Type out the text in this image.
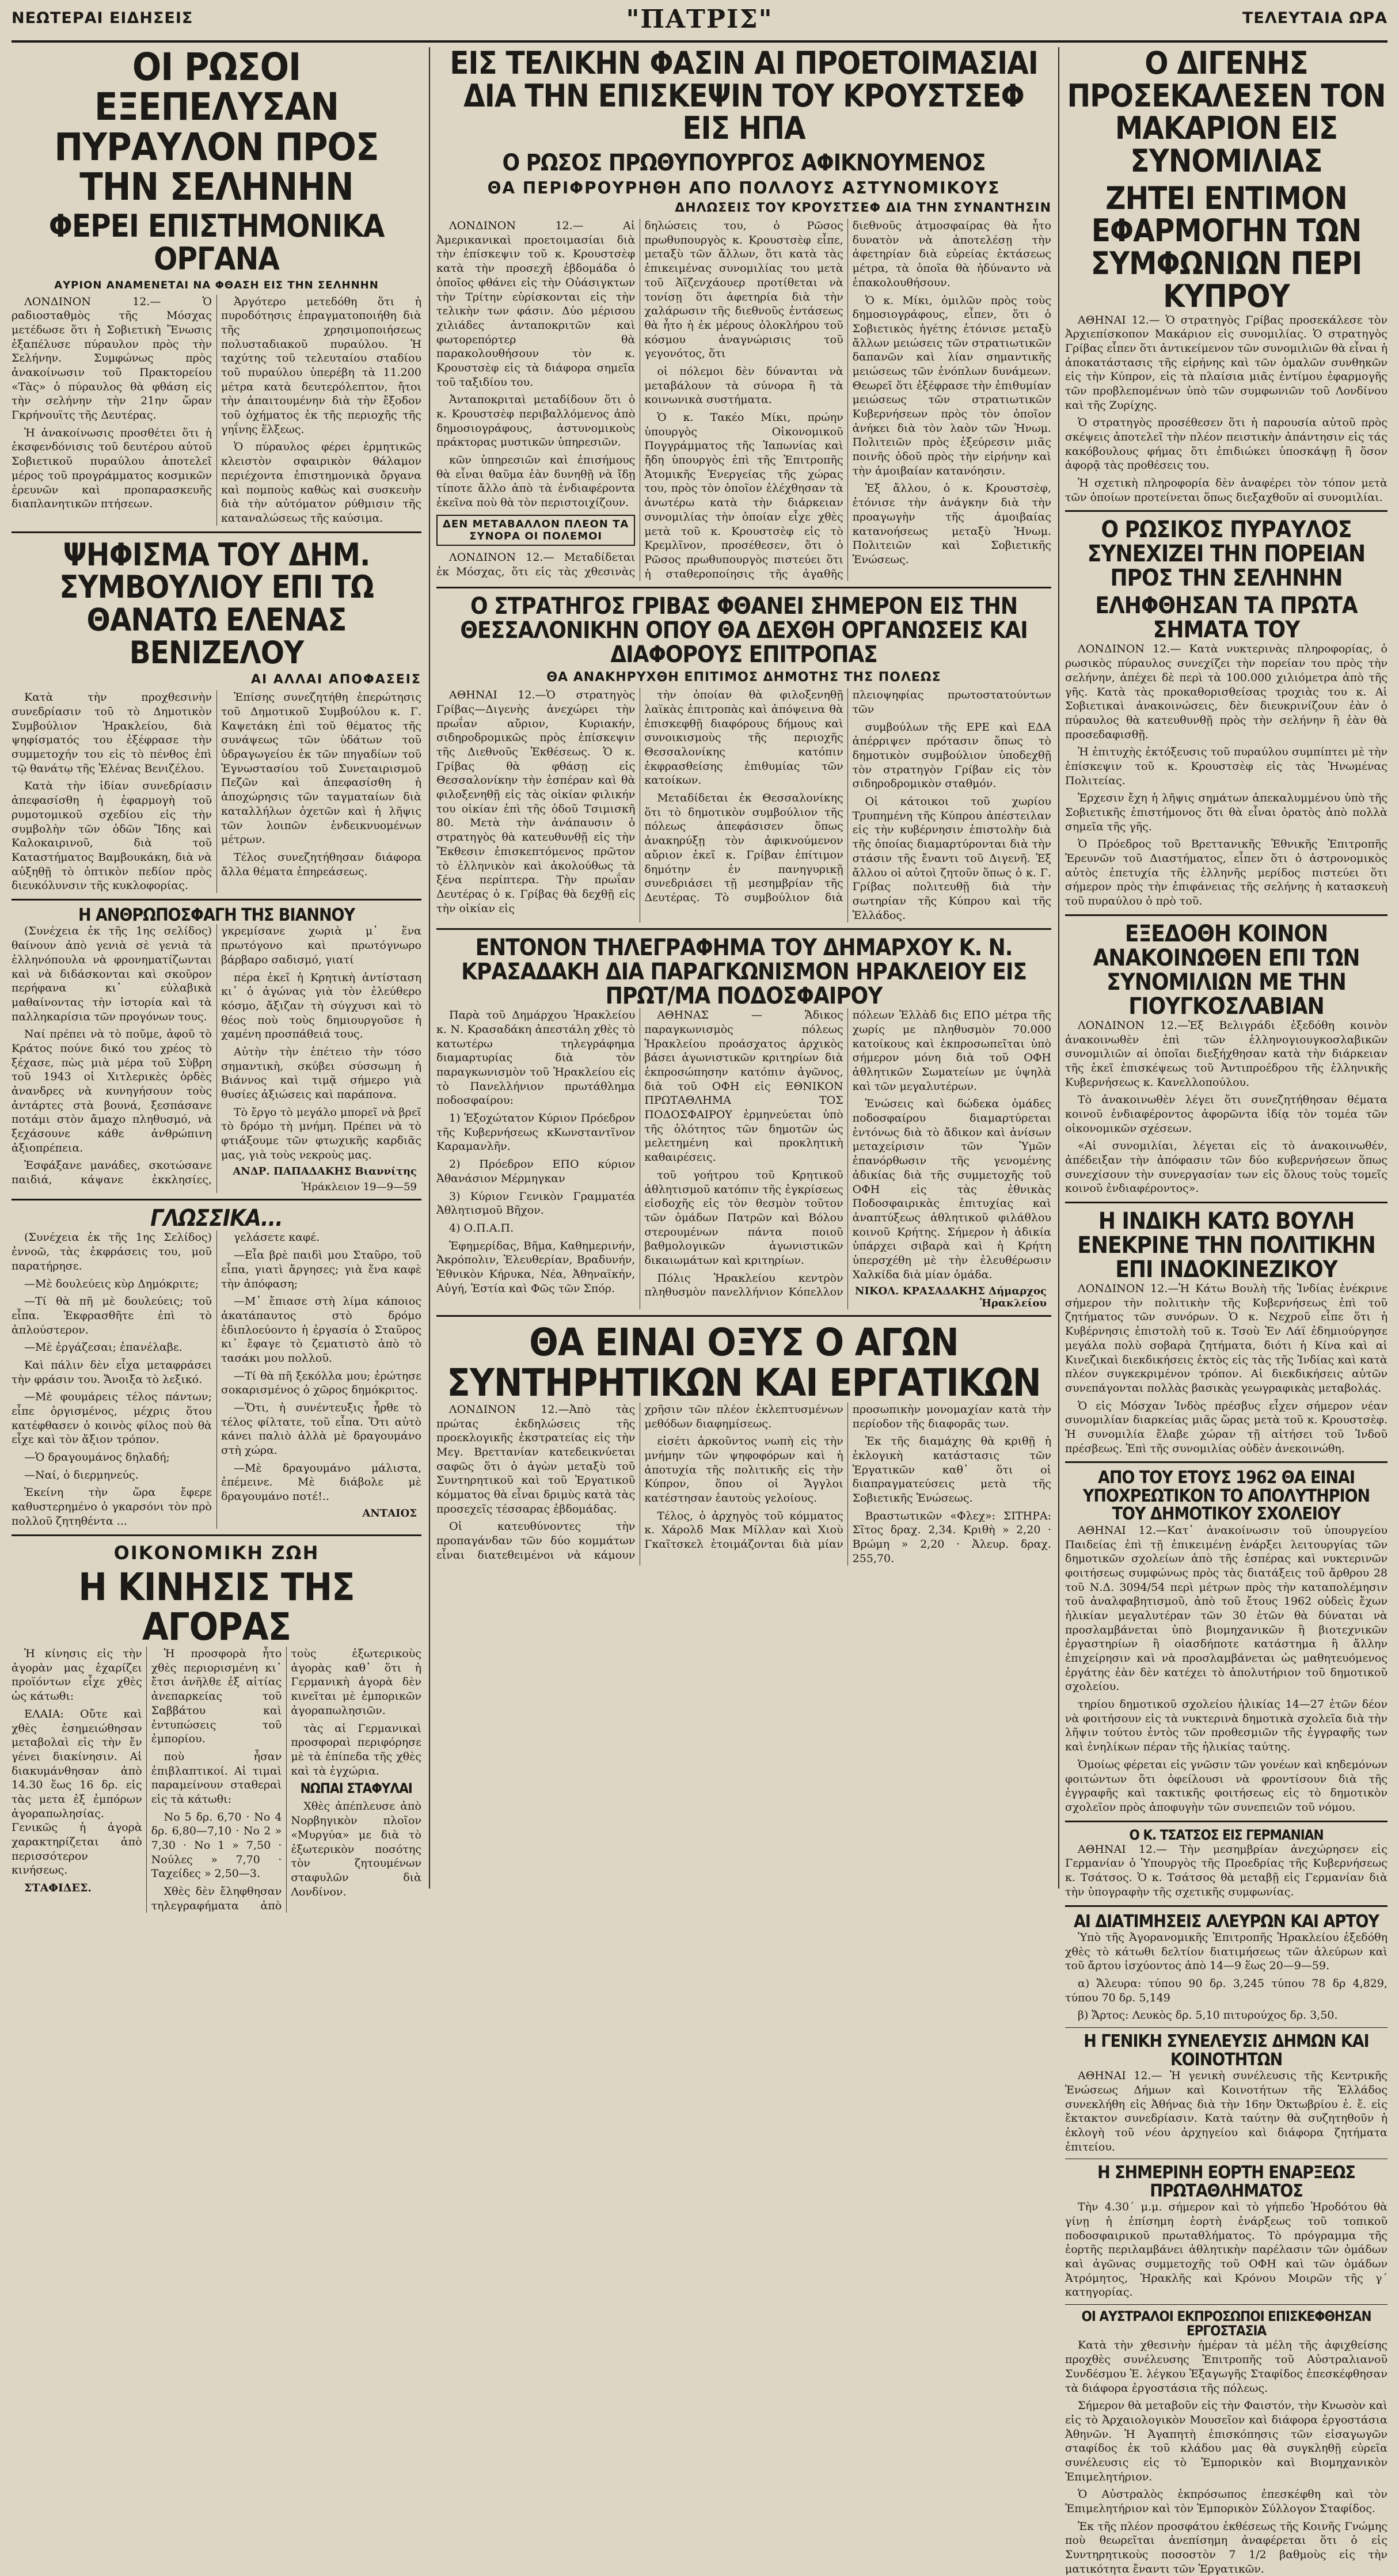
ΝΕΩΤΕΡΑΙ ΕΙΔΗΣΕΙΣ	"ΠΑΤΡΙΣ"	ΤΕΛΕΥΤΑΙΑ ΩΡΑ
ΟΙ ΡΩΣΟΙ ΕΞΕΠΕΛΥΣΑΝ ΠΥΡΑΥΛΟΝ ΠΡΟΣ ΤΗΝ ΣΕΛΗΝΗΝ
ΦΕΡΕΙ ΕΠΙΣΤΗΜΟΝΙΚΑ ΟΡΓΑΝΑ
ΑΥΡΙΟΝ ΑΝΑΜΕΝΕΤΑΙ ΝΑ ΦΘΑΣΗ ΕΙΣ ΤΗΝ ΣΕΛΗΝΗΝ

ΛΟΝΔΙΝΟΝ 12.— Ὁ ραδιοσταθμὸς τῆς Μόσχας μετέδωσε ὅτι ἡ Σοβιετικὴ Ἕνωσις ἐξαπέλυσε πύραυλον πρὸς τὴν Σελήνην. Συμφώνως πρὸς ἀνακοίνωσιν τοῦ Πρακτορείου «Τὰς» ὁ πύραυλος θὰ φθάση εἰς τὴν σελήνην τὴν 21ην ὥραν Γκρήνουϊτς τῆς Δευτέρας.

Ἡ ἀνακοίνωσις προσθέτει ὅτι ἡ ἐκσφενδόνισις τοῦ δευτέρου αὐτοῦ Σοβιετικοῦ πυραύλου ἀποτελεῖ μέρος τοῦ προγράμματος κοσμικῶν ἐρευνῶν καὶ προπαρασκευῆς διαπλανητικῶν πτήσεων.

Ἀργότερο μετεδόθη ὅτι ἡ πυροδότησις ἐπραγματοποιήθη διὰ τῆς χρησιμοποιήσεως πολυσταδιακοῦ πυραύλου. Ἡ ταχύτης τοῦ τελευταίου σταδίου τοῦ πυραύλου ὑπερέβη τὰ 11.200 μέτρα κατὰ δευτερόλεπτον, ἤτοι τὴν ἀπαιτουμένην διὰ τὴν ἔξοδον τοῦ ὀχήματος ἐκ τῆς περιοχῆς τῆς γηΐνης ἕλξεως.

Ὁ πύραυλος φέρει ἑρμητικῶς κλειστὸν σφαιρικὸν θάλαμον περιέχοντα ἐπιστημονικὰ ὄργανα καὶ πομποὺς καθὼς καὶ συσκευὴν διὰ τὴν αὐτόματον ρύθμισιν τῆς καταναλώσεως τῆς καύσιμα.

ΨΗΦΙΣΜΑ ΤΟΥ ΔΗΜ. ΣΥΜΒΟΥΛΙΟΥ ΕΠΙ ΤΩ ΘΑΝΑΤΩ ΕΛΕΝΑΣ ΒΕΝΙΖΕΛΟΥ
ΑΙ ΑΛΛΑΙ ΑΠΟΦΑΣΕΙΣ

Κατὰ τὴν προχθεσινὴν συνεδρίασιν τοῦ τὸ Δημοτικὸν Συμβούλιον Ἡρακλείου, διὰ ψηφίσματός του ἐξέφρασε τὴν συμμετοχήν του εἰς τὸ πένθος ἐπὶ τῷ θανάτῳ τῆς Ἐλένας Βενιζέλου.

Κατὰ τὴν ἰδίαν συνεδρίασιν ἀπεφασίσθη ἡ ἐφαρμογὴ τοῦ ρυμοτομικοῦ σχεδίου εἰς τὴν συμβολὴν τῶν ὁδῶν Ἴδης καὶ Καλοκαιρινοῦ, διὰ τοῦ Καταστήματος Βαμβουκάκη, διὰ νὰ αὐξηθῇ τὸ ὀπτικὸν πεδίον πρὸς διευκόλυνσιν τῆς κυκλοφορίας.

Ἐπίσης συνεζητήθη ἐπερώτησις τοῦ Δημοτικοῦ Συμβούλου κ. Γ. Καψετάκη ἐπὶ τοῦ θέματος τῆς συνάψεως τῶν ὑδάτων τοῦ ὑδραγωγείου ἐκ τῶν πηγαδίων τοῦ Ἐγνωστασίου τοῦ Συνεταιρισμοῦ Πεζῶν καὶ ἀπεφασίσθη ἡ ἀποχώρησις τῶν ταγματαίων διὰ καταλλήλων ὀχετῶν καὶ ἡ λῆψις τῶν λοιπῶν ἐνδεικνυομένων μέτρων.

Τέλος συνεζητήθησαν διάφορα ἄλλα θέματα ἐπηρεάσεως.

Η ΑΝΘΡΩΠΟΣΦΑΓΗ ΤΗΣ ΒΙΑΝΝΟΥ

(Συνέχεια ἐκ τῆς 1ης σελίδος) θαίνουν ἀπὸ γενιὰ σὲ γενιὰ τὰ ἑλληνόπουλα νὰ φρονηματίζωνται καὶ νὰ διδάσκονται καὶ σκοῦρον περήφανα κι᾿ εὐλαβικὰ μαθαίνοντας τὴν ἱστορία καὶ τὰ παλληκαρίσια τῶν προγόνων τους.

Ναί πρέπει νὰ τὸ ποῦμε, ἀφοῦ τὸ Κράτος πούνε δικό του χρέος τὸ ξέχασε, πὼς μιὰ μέρα τοῦ Σὺβρη τοῦ 1943 οἱ Χιτλερικὲς ὀρδὲς ἀνανδρες νὰ κυνηγήσουν τοὺς ἀντάρτες στὰ βουνά, ξεσπάσανε ποτάμι στὸν ἄμαχο πληθυσμό, νὰ ξεχάσουνε κάθε ἀνθρώπινη ἀξιοπρέπεια.

Ἐσφάξανε μανάδες, σκοτώσανε παιδιά, κάψανε ἐκκλησίες, γκρεμίσανε χωριὰ μ᾿ ἕνα πρωτόγονο καὶ πρωτόγνωρο βάρβαρο σαδισμό, γιατί

πέρα ἐκεῖ ἡ Κρητικὴ ἀντίσταση κι᾿ ὁ ἀγώνας γιὰ τὸν ἐλεύθερο κόσμο, ἄξιζαν τὴ σύγχυσι καὶ τὸ θέος ποὺ τοὺς δημιουργοῦσε ἡ χαμένη προσπάθειά τους.

Αὐτὴν τὴν ἐπέτειο τὴν τόσο σημαντικὴ, σκύβει σύσσωμη ἡ Βιάννος καὶ τιμᾷ σήμερο γιὰ θυσίες ἀξιώσεις καὶ παράπονα.

Τὸ ἔργο τὸ μεγάλο μπορεῖ νὰ βρεῖ τὸ δρόμο τὴ μνήμη. Πρέπει νὰ τὸ φτιάξουμε τῶν φτωχικῆς καρδιᾶς μας, γιὰ τοὺς νεκροὺς μας.

ΑΝΔΡ. ΠΑΠΑΔΑΚΗΣ Βιαννίτης
Ἡράκλειον 19—9—59
ΓΛΩΣΣΙΚΑ...

(Συνέχεια ἐκ τῆς 1ης Σελίδος) ἐννοῶ, τὰς ἐκφράσεις του, μοῦ παρατήρησε.

—Μὲ δουλεύεις κὺρ Δημόκριτε;

—Τί θὰ πῆ μὲ δουλεύεις; τοῦ εἶπα. Ἐκφρασθῆτε ἐπὶ τὸ ἁπλούστερον.

—Μὲ ἐργάζεσαι; ἐπανέλαβε.

Καὶ πάλιν δὲν εἶχα μεταφράσει τὴν φράσιν του. Ἄνοιξα τὸ λεξικό.

—Μὲ φουμάρεις τέλος πάντων; εἶπε ὀργισμένος, μέχρις ὅτου κατέφθασεν ὁ κοινὸς φίλος ποὺ θὰ εἶχε καὶ τὸν ἄξιον τρόπον.

—Ὁ δραγουμάνος δηλαδή;

—Ναί, ὁ διερμηνεύς.

Ἐκείνη τὴν ὥρα ἔφερε καθυστερημένο ὁ γκαρσόνι τὸν πρὸ πολλοῦ ζητηθέντα ...

γελάσετε καφέ.

—Εἶα βρὲ παιδὶ μου Σταῦρο, τοῦ εἶπα, γιατὶ ἄργησες; γιὰ ἕνα καφὲ τὴν ἀπόφαση;

—Μ᾿ ἔπιασε στὴ λίμα κάποιος ἀκατάπαυτος στὸ δρόμο ἐδιπλοεύοντο ἡ ἐργασία ὁ Σταῦρος κι᾿ ἔφαγε τὸ ζεματιστὸ ἀπὸ τὸ τασάκι μου πολλοῦ.

—Τί θὰ πῆ ξεκόλλα μου; ἐρώτησε σοκαρισμένος ὁ χῶρος δημόκριτος.

—Ὅτι, ἡ συνέντευξις ἦρθε τὸ τέλος φίλτατε, τοῦ εἶπα. Ὅτι αὐτὸ κάνει παλιὸ ἀλλὰ μὲ δραγουμάνο στὴ χώρα.

—Μὲ δραγουμάνο μάλιστα, ἐπέμεινε. Μὲ διάβολε μὲ δραγουμάνο ποτέ!..

ΑΝΤΑΙΟΣ
ΟΙΚΟΝΟΜΙΚΗ ΖΩΗ
Η ΚΙΝΗΣΙΣ ΤΗΣ ΑΓΟΡΑΣ

Ἡ κίνησις εἰς τὴν ἀγορὰν μας ἐχαρίζει προϊόντων εἶχε χθὲς ὡς κάτωθι:

ΕΛΑΙΑ: Οὔτε καὶ χθὲς ἐσημειώθησαν μεταβολαὶ εἰς τὴν ἔν γένει διακίνησιν. Αἱ διακυμάνθησαν ἀπὸ 14.30 ἕως 16 δρ. εἰς τὰς μετα ἐξ ἐμπόρων ἀγοραπωλησίας. Γενικῶς ἡ ἀγορὰ χαρακτηρίζεται ἀπὸ περισσότερον κινήσεως.

ΣΤΑΦΙΔΕΣ.

Ἡ προσφορὰ ἦτο χθὲς περιορισμένη κι᾿ ἔτσι ἀνῆλθε ἐξ αἰτίας ἀνεπαρκείας τοῦ Σαββάτου καὶ ἐντυπώσεις τοῦ ἐμπορίου.

ποὺ ἦσαν ἐπιβλαπτικοί. Αἱ τιμαὶ παραμείνουν σταθεραὶ εἰς τὰ κάτωθι:

Νο 5 δρ. 6,70 · Νο 4 δρ. 6,80—7,10 · Νο 2 » 7,30 · Νο 1 » 7,50 · Νούλες » 7,70 · Ταχείδες » 2,50—3.

Χθὲς δὲν ἔληφθησαν τηλεγραφήματα ἀπὸ τοὺς ἐξωτερικοὺς ἀγορὰς καθ᾿ ὅτι ἡ Γερμανικὴ ἀγορὰ δὲν κινεῖται μὲ ἐμπορικῶν ἀγοραπωλησιῶν.

τὰς αἱ Γερμανικαὶ προσφοραὶ περιφόρησε μὲ τὰ ἐπίπεδα τῆς χθὲς καὶ τὰ ἐγχώρια.

ΝΩΠΑΙ ΣΤΑΦΥΛΑΙ

Χθὲς ἀπέπλευσε ἀπὸ Νορβηγικὸν πλοῖον «Μυργύα» με διὰ τὸ ἐξωτερικὸν ποσότης τὸν ζητουμένων σταφυλῶν διὰ Λονδίνον.

ΕΙΣ ΤΕΛΙΚΗΝ ΦΑΣΙΝ ΑΙ ΠΡΟΕΤΟΙΜΑΣΙΑΙ ΔΙΑ ΤΗΝ ΕΠΙΣΚΕΨΙΝ ΤΟΥ ΚΡΟΥΣΤΣΕΦ ΕΙΣ ΗΠΑ
Ο ΡΩΣΟΣ ΠΡΩΘΥΠΟΥΡΓΟΣ ΑΦΙΚΝΟΥΜΕΝΟΣ
ΘΑ ΠΕΡΙΦΡΟΥΡΗΘΗ ΑΠΟ ΠΟΛΛΟΥΣ ΑΣΤΥΝΟΜΙΚΟΥΣ
ΔΗΛΩΣΕΙΣ ΤΟΥ ΚΡΟΥΣΤΣΕΦ ΔΙΑ ΤΗΝ ΣΥΝΑΝΤΗΣΙΝ

ΛΟΝΔΙΝΟΝ 12.— Αἱ Ἀμερικανικαὶ προετοιμασίαι διὰ τὴν ἐπίσκεψιν τοῦ κ. Κρουστσὲφ κατὰ τὴν προσεχῆ ἑβδομάδα ὁ ὁποῖος φθάνει εἰς τὴν Οὐάσιγκτων τὴν Τρίτην εὑρίσκονται εἰς τὴν τελικὴν των φάσιν. Δύο μέρισου χιλιάδες ἀνταποκριτῶν καὶ φωτορεπόρτερ θὰ παρακολουθήσουν τὸν κ. Κρουστσὲφ εἰς τὰ διάφορα σημεῖα τοῦ ταξιδίου του.

Ἀνταποκριταὶ μεταδίδουν ὅτι ὁ κ. Κρουστσὲφ περιβαλλόμενος ἀπὸ δημοσιογράφους, ἀστυνομικοὺς πράκτορας μυστικῶν ὑπηρεσιῶν.

κῶν ὑπηρεσιῶν καὶ ἐπισήμους θὰ εἶναι θαῦμα ἐὰν δυνηθῇ νὰ ἴδῃ τίποτε ἄλλο ἀπὸ τὰ ἐνδιαφέροντα ἐκεῖνα ποὺ θὰ τὸν περιστοιχίζουν.

ΔΕΝ ΜΕΤΑΒΑΛΛΟΝ ΠΛΕΟΝ ΤΑ ΣΥΝΟΡΑ ΟΙ ΠΟΛΕΜΟΙ

ΛΟΝΔΙΝΟΝ 12.— Μεταδίδεται ἐκ Μόσχας, ὅτι εἰς τὰς χθεσινὰς δηλώσεις του, ὁ Ρῶσος πρωθυπουργὸς κ. Κρουστσὲφ εἶπε, μεταξὺ τῶν ἄλλων, ὅτι κατὰ τὰς ἐπικειμένας συνομιλίας του μετὰ τοῦ Ἀϊζενχάουερ προτίθεται νὰ τονίσῃ ὅτι ἀφετηρία διὰ τὴν χαλάρωσιν τῆς διεθνοῦς ἐντάσεως θὰ ἦτο ἡ ἐκ μέρους ὁλοκλήρου τοῦ κόσμου ἀναγνώρισις τοῦ γεγονότος, ὅτι

οἱ πόλεμοι δὲν δύνανται νὰ μεταβάλουν τὰ σύνορα ἢ τὰ κοινωνικὰ συστήματα.

Ὁ κ. Τακέο Μίκι, πρώην ὑπουργὸς Οἰκονομικοῦ Πογγράμματος τῆς Ἰαπωνίας καὶ ἤδη ὑπουργὸς ἐπὶ τῆς Ἐπιτροπῆς Ἀτομικῆς Ἐνεργείας τῆς χώρας του, πρὸς τὸν ὁποῖον ἐλέχθησαν τὰ ἀνωτέρω κατὰ τὴν διάρκειαν συνομιλίας τὴν ὁποίαν εἶχε χθὲς μετὰ τοῦ κ. Κρουστσὲφ εἰς τὸ Κρεμλῖνον, προσέθεσεν, ὅτι ὁ Ρῶσος πρωθυπουργὸς πιστεύει ὅτι ἡ σταθεροποίησις τῆς ἀγαθῆς διεθνοῦς ἀτμοσφαίρας θὰ ἦτο δυνατὸν νὰ ἀποτελέσῃ τὴν ἀφετηρίαν διὰ εὐρείας ἐκτάσεως μέτρα, τὰ ὁποῖα θὰ ἠδύναντο νὰ ἐπακολουθήσουν.

Ὁ κ. Μίκι, ὁμιλῶν πρὸς τοὺς δημοσιογράφους, εἶπεν, ὅτι ὁ Σοβιετικὸς ἡγέτης ἐτόνισε μεταξὺ ἄλλων μειώσεις τῶν στρατιωτικῶν δαπανῶν καὶ λίαν σημαντικῆς μειώσεως τῶν ἐνόπλων δυνάμεων. Θεωρεῖ ὅτι ἐξέφρασε τὴν ἐπιθυμίαν μειώσεως τῶν στρατιωτικῶν Κυβερνήσεων πρὸς τὸν ὁποῖον ἀνήκει διὰ τὸν λαὸν τῶν Ἡνωμ. Πολιτειῶν πρὸς ἐξεύρεσιν μιᾶς ποινῆς ὁδοῦ πρὸς τὴν εἰρήνην καὶ τὴν ἀμοιβαίαν κατανόησιν.

Ἐξ ἄλλου, ὁ κ. Κρουστσὲφ, ἐτόνισε τὴν ἀνάγκην διὰ τὴν προαγωγὴν τῆς ἀμοιβαίας κατανοήσεως μεταξὺ Ἡνωμ. Πολιτειῶν καὶ Σοβιετικῆς Ἑνώσεως.

Ο ΣΤΡΑΤΗΓΟΣ ΓΡΙΒΑΣ ΦΘΑΝΕΙ ΣΗΜΕΡΟΝ ΕΙΣ ΤΗΝ ΘΕΣΣΑΛΟΝΙΚΗΝ ΟΠΟΥ ΘΑ ΔΕΧΘΗ ΟΡΓΑΝΩΣΕΙΣ ΚΑΙ ΔΙΑΦΟΡΟΥΣ ΕΠΙΤΡΟΠΑΣ
ΘΑ ΑΝΑΚΗΡΥΧΘΗ ΕΠΙΤΙΜΟΣ ΔΗΜΟΤΗΣ ΤΗΣ ΠΟΛΕΩΣ

ΑΘΗΝΑΙ 12.—Ὁ στρατηγὸς Γρίβας—Διγενὴς ἀνεχώρει τὴν πρωΐαν αὔριον, Κυριακήν, σιδηροδρομικῶς πρὸς ἐπίσκεψιν τῆς Διεθνοῦς Ἐκθέσεως. Ὁ κ. Γρίβας θὰ φθάσῃ εἰς Θεσσαλονίκην τὴν ἑσπέραν καὶ θὰ φιλοξενηθῇ εἰς τὰς οἰκίαν φιλικήν του οἰκίαν ἐπὶ τῆς ὁδοῦ Τσιμισκῆ 80. Μετὰ τὴν ἀνάπαυσιν ὁ στρατηγὸς θὰ κατευθυνθῇ εἰς τὴν Ἔκθεσιν ἐπισκεπτόμενος πρῶτον τὸ ἑλληνικὸν καὶ ἀκολούθως τὰ ξένα περίπτερα. Τὴν πρωΐαν Δευτέρας ὁ κ. Γρίβας θὰ δεχθῇ εἰς τὴν οἰκίαν εἰς

τὴν ὁποίαν θὰ φιλοξενηθῇ λαϊκὰς ἐπιτροπὰς καὶ ἀπόψεινα θὰ ἐπισκεφθῇ διαφόρους δήμους καὶ συνοικισμοὺς τῆς περιοχῆς Θεσσαλονίκης κατόπιν ἐκφρασθείσης ἐπιθυμίας τῶν κατοίκων.

Μεταδίδεται ἐκ Θεσσαλονίκης ὅτι τὸ δημοτικὸν συμβούλιον τῆς πόλεως ἀπεφάσισεν ὅπως ἀνακηρύξῃ τὸν ἀφικνούμενον αὔριον ἐκεῖ κ. Γρίβαν ἐπίτιμον δημότην ἐν πανηγυρικῇ συνεδριάσει τῇ μεσημβρίαν τῆς Δευτέρας. Τὸ συμβούλιον διὰ πλειοψηφίας πρωτοστατούντων τῶν

συμβούλων τῆς ΕΡΕ καὶ ΕΔΑ ἀπέρριψεν πρότασιν ὅπως τὸ δημοτικὸν συμβούλιον ὑποδεχθῇ τὸν στρατηγὸν Γρίβαν εἰς τὸν σιδηροδρομικὸν σταθμόν.

Οἱ κάτοικοι τοῦ χωρίου Τρυπημένη τῆς Κύπρου ἀπέστειλαν εἰς τὴν κυβέρνησιν ἐπιστολὴν διὰ τῆς ὁποίας διαμαρτύρονται διὰ τὴν στάσιν τῆς ἔναντι τοῦ Διγενῆ. Ἐξ ἄλλου οἱ αὐτοὶ ζητοῦν ὅπως ὁ κ. Γ. Γρίβας πολιτευθῇ διὰ τὴν σωτηρίαν τῆς Κύπρου καὶ τῆς Ἑλλάδος.

ΕΝΤΟΝΟΝ ΤΗΛΕΓΡΑΦΗΜΑ ΤΟΥ ΔΗΜΑΡΧΟΥ Κ. Ν. ΚΡΑΣΑΔΑΚΗ ΔΙΑ ΠΑΡΑΓΚΩΝΙΣΜΟΝ ΗΡΑΚΛΕΙΟΥ ΕΙΣ ΠΡΩΤ/ΜΑ ΠΟΔΟΣΦΑΙΡΟΥ

Παρὰ τοῦ Δημάρχου Ἡρακλείου κ. Ν. Κρασαδάκη ἀπεστάλη χθὲς τὸ κατωτέρω τηλεγράφημα διαμαρτυρίας διὰ τὸν παραγκωνισμὸν τοῦ Ἡρακλείου εἰς τὸ Πανελλήνιον πρωτάθλημα ποδοσφαίρου:

1) Ἐξοχώτατον Κύριον Πρόεδρον τῆς Κυβερνήσεως κΚωνσταντῖνον Καραμανλῆν.

2) Πρόεδρον ΕΠΟ κύριον Ἀθανάσιον Μέρμηγκαν

3) Κύριον Γενικὸν Γραμματέα Ἀθλητισμοῦ Βῆχον.

4) Ο.Π.Α.Π.

Ἐφημερίδας, Βῆμα, Καθημερινήν, Ἀκρόπολιν, Ἐλευθερίαν, Βραδυνήν, Ἐθνικὸν Κήρυκα, Νέα, Ἀθηναϊκήν, Αὐγή, Ἑστία καὶ Φῶς τῶν Σπόρ.

ΑΘΗΝΑΣ — Ἄδικος παραγκωνισμὸς πόλεως Ἡρακλείου προάσχατος ἀρχικὸς βάσει ἀγωνιστικῶν κριτηρίων διὰ ἐκπροσώπησην κατόπιν ἀγῶνος, διὰ τοῦ ΟΦΗ εἰς ΕΘΝΙΚΟΝ ΠΡΩΤΑΘΛΗΜΑ ΤΟΣ ΠΟΔΟΣΦΑΙΡΟΥ ἑρμηνεύεται ὑπὸ τῆς ὁλότητος τῶν δημοτῶν ὡς μελετημένη καὶ προκλητικὴ καθαιρέσεις.

τοῦ γοήτρου τοῦ Κρητικοῦ ἀθλητισμοῦ κατόπιν τῆς ἐγκρίσεως εἰσδοχῆς εἰς τὸν θεσμὸν τοῦτον τῶν ὁμάδων Πατρῶν καὶ Βόλου στερουμένων πάντα ποιοῦ βαθμολογικῶν ἀγωνιστικῶν δικαιωμάτων καὶ κριτηρίων.

Πόλις Ἡρακλείου κεντρὸν πληθυσμὸν πανελλήνιον Κόπελλον πόλεων Ἑλλὰδ δις ΕΠΟ μέτρα τῆς χωρίς με πληθυσμὸν 70.000 κατοίκους καὶ ἐκπροσωπεῖται ὑπὸ σήμερον μόνη διὰ τοῦ ΟΦΗ ἀθλητικῶν Σωματείων με ὑψηλὰ καὶ τῶν μεγαλυτέρων.

Ἑνώσεις καὶ δώδεκα ὁμάδες ποδοσφαίρου διαμαρτύρεται ἐντόνως διὰ τὸ ἄδικον καὶ ἀνίσων μεταχείρισιν τῶν Ὑμῶν ἐπανόρθωσιν τῆς γενομένης ἀδικίας διὰ τῆς συμμετοχῆς τοῦ ΟΦΗ εἰς τὰς ἐθνικὰς Ποδοσφαιρικὰς ἐπιτυχίας καὶ ἀναπτύξεως ἀθλητικοῦ φιλάθλου κοινοῦ Κρήτης. Σήμερον ἡ ἀδικία ὑπάρχει σιβαρὰ καὶ ἡ Κρήτη ὑπερσχέθη μὲ τὴν ἐλευθέρωσιν Χαλκίδα διὰ μίαν ὁμάδα.

ΝΙΚΟΛ. ΚΡΑΣΑΔΑΚΗΣ Δήμαρχος Ἡρακλείου
ΘΑ ΕΙΝΑΙ ΟΞΥΣ Ο ΑΓΩΝ ΣΥΝΤΗΡΗΤΙΚΩΝ ΚΑΙ ΕΡΓΑΤΙΚΩΝ

ΛΟΝΔΙΝΟΝ 12.—Ἀπὸ τὰς πρώτας ἐκδηλώσεις τῆς προεκλογικῆς ἐκστρατείας εἰς τὴν Μεγ. Βρεττανίαν κατεδεικνύεται σαφῶς ὅτι ὁ ἀγὼν μεταξὺ τοῦ Συντηρητικοῦ καὶ τοῦ Ἐργατικοῦ κόμματος θὰ εἶναι δριμὺς κατὰ τὰς προσεχεῖς τέσσαρας ἑβδομάδας.

Οἱ κατευθύνοντες τὴν προπαγάνδαν τῶν δύο κομμάτων εἶναι διατεθειμένοι νὰ κάμουν χρῆσιν τῶν πλέον ἐκλεπτυσμένων μεθόδων διαφημίσεως.

εἰσέτι ἀρκοῦντος νωπὴ εἰς τὴν μνήμην τῶν ψηφοφόρων καὶ ἡ ἀποτυχία τῆς πολιτικῆς εἰς τὴν Κύπρον, ὅπου οἱ Ἄγγλοι κατέστησαν ἑαυτοὺς γελοίους.

Τέλος, ὁ ἀρχηγὸς τοῦ κόμματος κ. Χάρολδ Μακ Μίλλαν καὶ Χιοὺ Γκαῖτσκελ ἑτοιμάζονται διὰ μίαν προσωπικὴν μονομαχίαν κατὰ τὴν περίοδον τῆς διαφορᾶς των.

Ἐκ τῆς διαμάχης θὰ κριθῇ ἡ ἐκλογικὴ κατάστασις τῶν Ἐργατικῶν καθ᾿ ὅτι οἱ διαπραγματεύσεις μετὰ τῆς Σοβιετικῆς Ἑνώσεως.

Βραστωτικῶν «Φλεχ»: ΣΙΤΗΡΑ: Σῖτος δραχ. 2,34. Κριθὴ » 2,20 · Βρώμη » 2,20 · Ἀλευρ. δραχ. 255,70.

Ο ΔΙΓΕΝΗΣ ΠΡΟΣΕΚΑΛΕΣΕΝ ΤΟΝ ΜΑΚΑΡΙΟΝ ΕΙΣ ΣΥΝΟΜΙΛΙΑΣ
ΖΗΤΕΙ ΕΝΤΙΜΟΝ ΕΦΑΡΜΟΓΗΝ ΤΩΝ ΣΥΜΦΩΝΙΩΝ ΠΕΡΙ ΚΥΠΡΟΥ

ΑΘΗΝΑΙ 12.— Ὁ στρατηγὸς Γρίβας προσεκάλεσε τὸν Ἀρχιεπίσκοπον Μακάριον εἰς συνομιλίας. Ὁ στρατηγὸς Γρίβας εἶπεν ὅτι ἀντικείμενον τῶν συνομιλιῶν θὰ εἶναι ἡ ἀποκατάστασις τῆς εἰρήνης καὶ τῶν ὁμαλῶν συνθηκῶν εἰς τὴν Κύπρον, εἰς τὰ πλαίσια μιᾶς ἐντίμου ἐφαρμογῆς τῶν προβλεπομένων ὑπὸ τῶν συμφωνιῶν τοῦ Λονδίνου καὶ τῆς Ζυρίχης.

Ὁ στρατηγὸς προσέθεσεν ὅτι ἡ παρουσία αὐτοῦ πρὸς σκέψεις ἀποτελεῖ τὴν πλέον πειστικὴν ἀπάντησιν εἰς τάς κακόβουλους φήμας ὅτι ἐπιδιώκει ὑποσκάψῃ ἢ ὅσον ἀφορᾷ τὰς προθέσεις του.

Ἡ σχετικὴ πληροφορία δὲν ἀναφέρει τὸν τόπον μετὰ τῶν ὁποίων προτείνεται ὅπως διεξαχθοῦν αἱ συνομιλίαι.

Ο ΡΩΣΙΚΟΣ ΠΥΡΑΥΛΟΣ ΣΥΝΕΧΙΖΕΙ ΤΗΝ ΠΟΡΕΙΑΝ ΠΡΟΣ ΤΗΝ ΣΕΛΗΝΗΝ
ΕΛΗΦΘΗΣΑΝ ΤΑ ΠΡΩΤΑ ΣΗΜΑΤΑ ΤΟΥ

ΛΟΝΔΙΝΟΝ 12.— Κατὰ νυκτερινὰς πληροφορίας, ὁ ρωσικὸς πύραυλος συνεχίζει τὴν πορείαν του πρὸς τὴν σελήνην, ἀπέχει δὲ περὶ τὰ 100.000 χιλιόμετρα ἀπὸ τῆς γῆς. Κατὰ τὰς προκαθορισθείσας τροχιὰς του κ. Αἱ Σοβιετικαὶ ἀνακοινώσεις, δὲν διευκρινίζουν ἐὰν ὁ πύραυλος θὰ κατευθυνθῇ πρὸς τὴν σελήνην ἢ ἐὰν θὰ προσεδαφισθῇ.

Ἡ ἐπιτυχὴς ἐκτόξευσις τοῦ πυραύλου συμπίπτει μὲ τὴν ἐπίσκεψιν τοῦ κ. Κρουστσὲφ εἰς τὰς Ἡνωμένας Πολιτείας.

Ἐρχεσιν ἔχη ἡ λῆψις σημάτων ἀπεκαλυμμένου ὑπὸ τῆς Σοβιετικῆς ἐπιστήμονος ὅτι θὰ εἶναι ὁρατὸς ἀπὸ πολλὰ σημεῖα τῆς γῆς.

Ὁ Πρόεδρος τοῦ Βρεττανικῆς Ἑθνικῆς Ἐπιτροπῆς Ἐρευνῶν τοῦ Διαστήματος, εἶπεν ὅτι ὁ ἀστρονομικὸς αὐτὸς ἐπετυχία τῆς ἑλληνῆς μερίδος πιστεύει ὅτι σήμερον πρὸς τὴν ἐπιφάνειας τῆς σελήνης ἡ κατασκευὴ τοῦ πυραύλου ὁ πρὸ τοῦ.

ΕΞΕΔΟΘΗ ΚΟΙΝΟΝ ΑΝΑΚΟΙΝΩΘΕΝ ΕΠΙ ΤΩΝ ΣΥΝΟΜΙΛΙΩΝ ΜΕ ΤΗΝ ΓΙΟΥΓΚΟΣΛΑΒΙΑΝ

ΛΟΝΔΙΝΟΝ 12.—Ἐξ Βελιγράδι ἐξεδόθη κοινὸν ἀνακοινωθὲν ἐπὶ τῶν ἑλληνογιουγκοσλαβικῶν συνομιλιῶν αἱ ὁποῖαι διεξήχθησαν κατὰ τὴν διάρκειαν τῆς ἐκεῖ ἐπισκέψεως τοῦ Ἀντιπροέδρου τῆς ἑλληνικῆς Κυβερνήσεως κ. Κανελλοπούλου.

Τὸ ἀνακοινωθὲν λέγει ὅτι συνεζητήθησαν θέματα κοινοῦ ἐνδιαφέροντος ἀφορῶντα ἰδίᾳ τὸν τομέα τῶν οἰκονομικῶν σχέσεων.

«Αἱ συνομιλίαι, λέγεται εἰς τὸ ἀνακοινωθέν, ἀπέδειξαν τὴν ἀπόφασιν τῶν δύο κυβερνήσεων ὅπως συνεχίσουν τὴν συνεργασίαν των εἰς ὅλους τοὺς τομεῖς κοινοῦ ἐνδιαφέροντος».

Η ΙΝΔΙΚΗ ΚΑΤΩ ΒΟΥΛΗ ΕΝΕΚΡΙΝΕ ΤΗΝ ΠΟΛΙΤΙΚΗΝ ΕΠΙ ΙΝΔΟΚΙΝΕΖΙΚΟΥ

ΛΟΝΔΙΝΟΝ 12.—Ἡ Κάτω Βουλὴ τῆς Ἰνδίας ἐνέκρινε σήμερον τὴν πολιτικὴν τῆς Κυβερνήσεως ἐπὶ τοῦ ζητήματος τῶν συνόρων. Ὁ κ. Νεχροῦ εἶπε ὅτι ἡ Κυβέρνησις ἐπιστολὴ τοῦ κ. Τσοὺ Ἐν Λάϊ ἐδημιούργησε μεγάλα πολὺ σοβαρὰ ζητήματα, διότι ἡ Κίνα καὶ αἱ Κινεζικαὶ διεκδικήσεις ἐκτὸς εἰς τὰς τῆς Ἰνδίας καὶ κατὰ πλέον συγκεκριμένον τρόπον. Αἱ διεκδικήσεις αὐτῶν συνεπάγονται πολλὰς βασικὰς γεωγραφικὰς μεταβολάς.

Ὁ εἰς Μόσχαν Ἰνδὸς πρέσβυς εἶχεν σήμερον νέαν συνομιλίαν διαρκείας μιᾶς ὥρας μετὰ τοῦ κ. Κρουστσὲφ. Ἡ συνομιλία ἔλαβε χώραν τῇ αἰτήσει τοῦ Ἰνδοῦ πρέσβεως. Ἐπὶ τῆς συνομιλίας οὐδὲν ἀνεκοινώθη.

ΑΠΟ ΤΟΥ ΕΤΟΥΣ 1962 ΘΑ ΕΙΝΑΙ ΥΠΟΧΡΕΩΤΙΚΟΝ ΤΟ ΑΠΟΛΥΤΗΡΙΟΝ ΤΟΥ ΔΗΜΟΤΙΚΟΥ ΣΧΟΛΕΙΟΥ

ΑΘΗΝΑΙ 12.—Κατ᾿ ἀνακοίνωσιν τοῦ ὑπουργείου Παιδείας ἐπὶ τῇ ἐπικειμένῃ ἐνάρξει λειτουργίας τῶν δημοτικῶν σχολείων ἀπὸ τῆς ἑσπέρας καὶ νυκτερινῶν φοιτήσεως συμφώνως πρὸς τὰς διατάξεις τοῦ ἄρθρου 28 τοῦ Ν.Δ. 3094/54 περὶ μέτρων πρὸς τὴν καταπολέμησιν τοῦ ἀναλφαβητισμοῦ, ἀπὸ τοῦ ἔτους 1962 οὐδεὶς ἔχων ἡλικίαν μεγαλυτέραν τῶν 30 ἐτῶν θὰ δύναται νὰ προσλαμβάνεται ὑπὸ βιομηχανικῶν ἢ βιοτεχνικῶν ἐργαστηρίων ἢ οἱασδήποτε κατάστημα ἢ ἄλλην ἐπιχείρησιν καὶ νὰ προσλαμβάνεται ὡς μαθητευόμενος ἐργάτης ἐὰν δὲν κατέχει τὸ ἀπολυτήριον τοῦ δημοτικοῦ σχολείου.

τηρίου δημοτικοῦ σχολείου ἡλικίας 14—27 ἐτῶν δέον νὰ φοιτήσουν εἰς τὰ νυκτερινὰ δημοτικὰ σχολεῖα διὰ τὴν λῆψιν τούτου ἐντὸς τῶν προθεσμιῶν τῆς ἐγγραφῆς των καὶ ἐνηλίκων πέραν τῆς ἡλικίας ταύτης.

Ὁμοίως φέρεται εἰς γνῶσιν τῶν γονέων καὶ κηδεμόνων φοιτώντων ὅτι ὀφείλουσι νὰ φροντίσουν διὰ τῆς ἐγγραφῆς καὶ τακτικῆς φοιτήσεως εἰς τὸ δημοτικὸν σχολεῖον πρὸς ἀποφυγὴν τῶν συνεπειῶν τοῦ νόμου.

Ο Κ. ΤΣΑΤΣΟΣ ΕΙΣ ΓΕΡΜΑΝΙΑΝ

ΑΘΗΝΑΙ 12.— Τὴν μεσημβρίαν ἀνεχώρησεν εἰς Γερμανίαν ὁ Ὑπουργὸς τῆς Προεδρίας τῆς Κυβερνήσεως κ. Τσάτσος. Ὁ κ. Τσάτσος θὰ μεταβῇ εἰς Γερμανίαν διὰ τὴν ὑπογραφὴν τῆς σχετικῆς συμφωνίας.

ΑΙ ΔΙΑΤΙΜΗΣΕΙΣ ΑΛΕΥΡΩΝ ΚΑΙ ΑΡΤΟΥ

Ὑπὸ τῆς Ἀγορανομικῆς Ἐπιτροπῆς Ἡρακλείου ἐξεδόθη χθὲς τὸ κάτωθι δελτίον διατιμήσεως τῶν ἀλεύρων καὶ τοῦ ἄρτου ἰσχύοντος ἀπὸ 14—9 ἕως 20—9—59.

α) Ἄλευρα: τύπου 90 δρ. 3,245 τύπου 78 δρ 4,829, τύπου 70 δρ. 5,149

β) Ἄρτος: Λευκὸς δρ. 5,10 πιτυρούχος δρ. 3,50.

Η ΓΕΝΙΚΗ ΣΥΝΕΛΕΥΣΙΣ ΔΗΜΩΝ ΚΑΙ ΚΟΙΝΟΤΗΤΩΝ

ΑΘΗΝΑΙ 12.— Ἡ γενικὴ συνέλευσις τῆς Κεντρικῆς Ἑνώσεως Δήμων καὶ Κοινοτήτων τῆς Ἑλλάδος συνεκλήθη εἰς Ἀθήνας διὰ τὴν 16ην Ὀκτωβρίου ἐ. ἔ. εἰς ἔκτακτον συνεδρίασιν. Κατὰ ταύτην θὰ συζητηθοῦν ἡ ἐκλογὴ τοῦ νέου ἀρχηγείου καὶ διάφορα ζητήματα ἐπιτείου.

Η ΣΗΜΕΡΙΝΗ ΕΟΡΤΗ ΕΝΑΡΞΕΩΣ ΠΡΩΤΑΘΛΗΜΑΤΟΣ

Τὴν 4.30΄ μ.μ. σήμερον καὶ τὸ γήπεδο Ἡροδότου θὰ γίνῃ ἡ ἐπίσημη ἑορτὴ ἐνάρξεως τοῦ τοπικοῦ ποδοσφαιρικοῦ πρωταθλήματος. Τὸ πρόγραμμα τῆς ἑορτῆς περιλαμβάνει ἀθλητικὴν παρέλασιν τῶν ὁμάδων καὶ ἀγῶνας συμμετοχῆς τοῦ ΟΦΗ καὶ τῶν ὁμάδων Ἀτρόμητος, Ἡρακλῆς καὶ Κρόνου Μοιρῶν τῆς γ΄ κατηγορίας.

ΟΙ ΑΥΣΤΡΑΛΟΙ ΕΚΠΡΟΣΩΠΟΙ ΕΠΙΣΚΕΦΘΗΣΑΝ ΕΡΓΟΣΤΑΣΙΑ

Κατὰ τὴν χθεσινὴν ἡμέραν τὰ μέλη τῆς ἀφιχθείσης προχθὲς συνέλευσης Ἐπιτροπῆς τοῦ Αὐστραλιανοῦ Συνδέσμου Ἐ. λέγκου Ἐξαγωγῆς Σταφίδος ἐπεσκέφθησαν τὰ διάφορα ἐργοστάσια τῆς πόλεως.

Σήμερον θὰ μεταβοῦν εἰς τὴν Φαιστόν, τὴν Κνωσὸν καὶ εἰς τὸ Ἀρχαιολογικὸν Μουσεῖον καὶ διάφορα ἐργοστάσια Ἀθηνῶν. Ἡ Ἀγαπητὴ ἐπισκόπησις τῶν εἰσαγωγῶν σταφίδος ἐκ τοῦ κλάδου μας θὰ συγκληθῇ εὐρεῖα συνέλευσις εἰς τὸ Ἐμπορικὸν καὶ Βιομηχανικὸν Ἐπιμελητήριον.

Ὁ Αὐστραλὸς ἐκπρόσωπος ἐπεσκέφθη καὶ τὸν Ἐπιμελητήριον καὶ τὸν Ἐμπορικὸν Σύλλογον Σταφίδος.

Ἐκ τῆς πλέον προσφάτου ἐκθέσεως τῆς Κοινῆς Γνώμης ποὺ θεωρεῖται ἀνεπίσημη ἀναφέρεται ὅτι ὁ εἰς Συντηρητικοὺς ποσοστὸν 7 1/2 βαθμοὺς εἰς τὴν ματικότητα ἔναντι τῶν Ἐργατικῶν.
